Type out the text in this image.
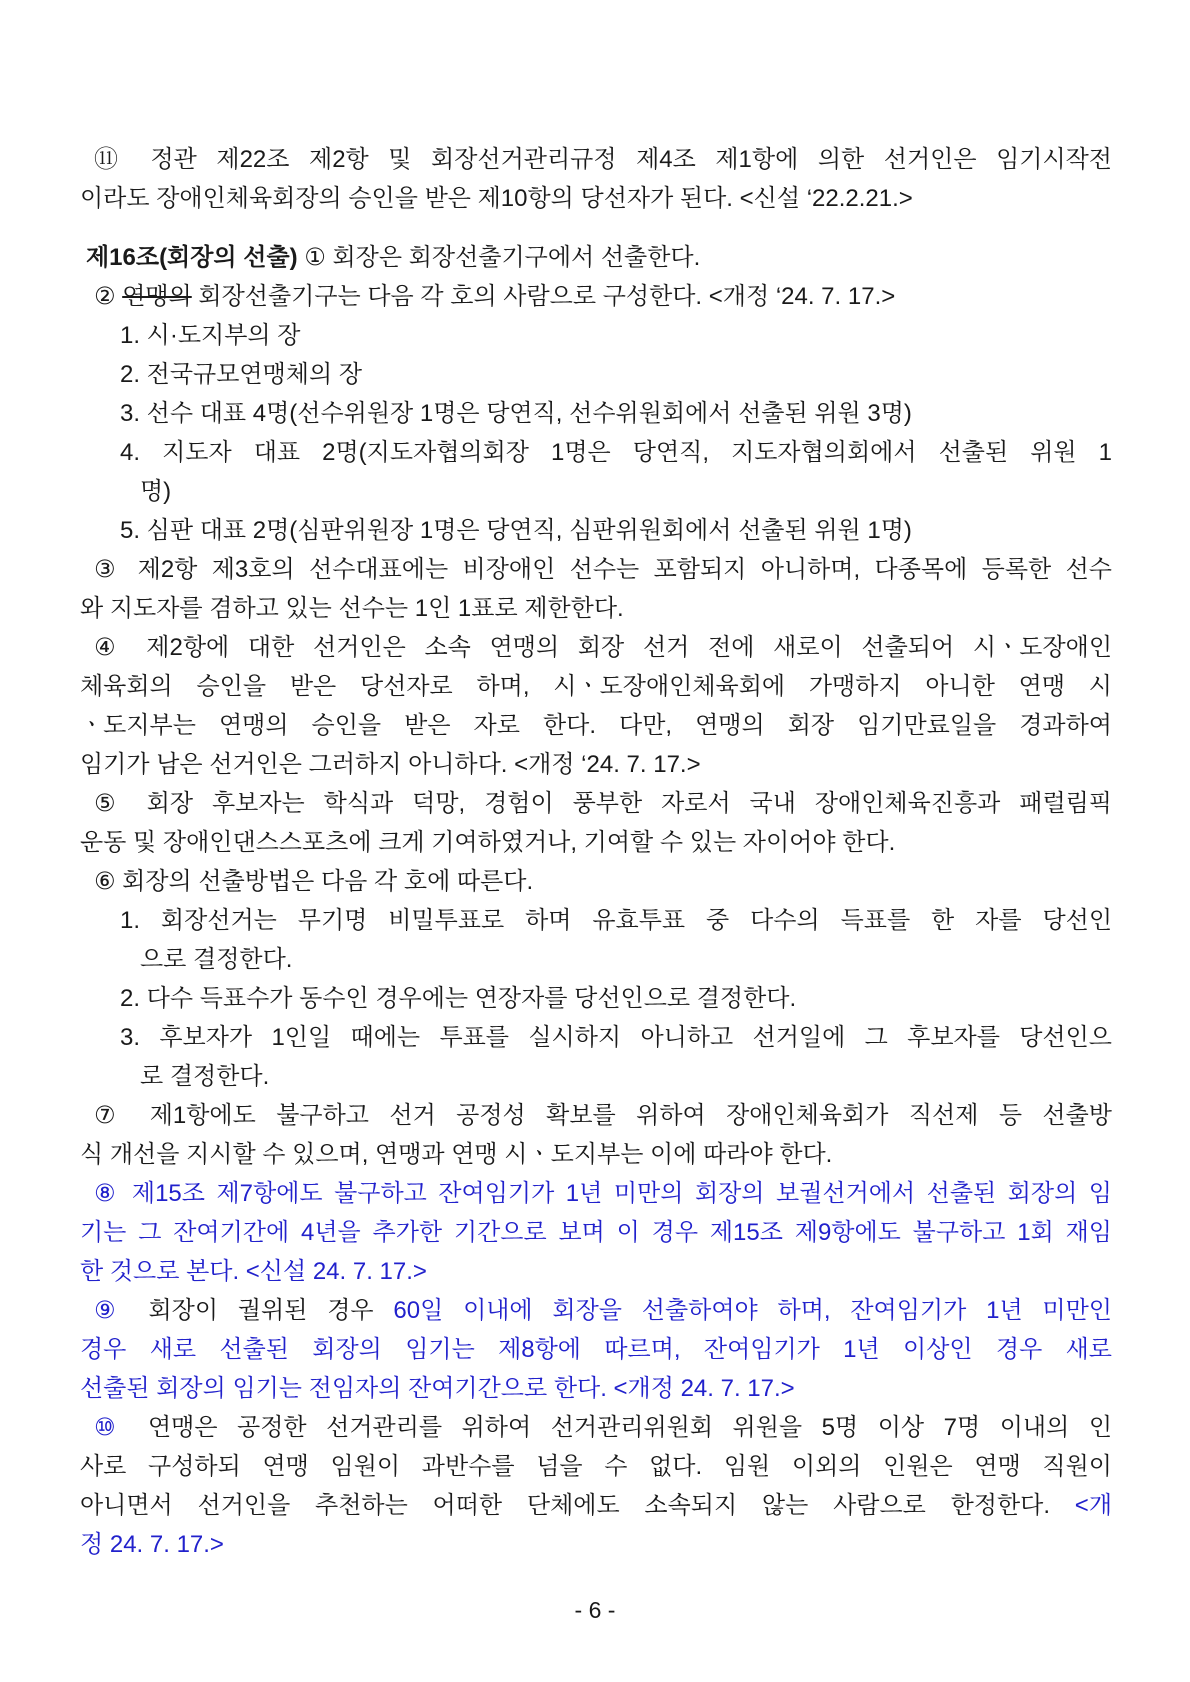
⑪ 정관 제22조 제2항 및 회장선거관리규정 제4조 제1항에 의한 선거인은 임기시작전
이라도 장애인체육회장의 승인을 받은 제10항의 당선자가 된다. <신설 ‘22.2.21.>
제16조(회장의 선출) ① 회장은 회장선출기구에서 선출한다.
② 연맹의 회장선출기구는 다음 각 호의 사람으로 구성한다. <개정 ‘24. 7. 17.>
1. 시·도지부의 장
2. 전국규모연맹체의 장
3. 선수 대표 4명(선수위원장 1명은 당연직, 선수위원회에서 선출된 위원 3명)
4. 지도자 대표 2명(지도자협의회장 1명은 당연직, 지도자협의회에서 선출된 위원 1
명)
5. 심판 대표 2명(심판위원장 1명은 당연직, 심판위원회에서 선출된 위원 1명)
③ 제2항 제3호의 선수대표에는 비장애인 선수는 포함되지 아니하며, 다종목에 등록한 선수
와 지도자를 겸하고 있는 선수는 1인 1표로 제한한다.
④ 제2항에 대한 선거인은 소속 연맹의 회장 선거 전에 새로이 선출되어 시ㆍ도장애인
체육회의 승인을 받은 당선자로 하며, 시ㆍ도장애인체육회에 가맹하지 아니한 연맹 시
ㆍ도지부는 연맹의 승인을 받은 자로 한다. 다만, 연맹의 회장 임기만료일을 경과하여
임기가 남은 선거인은 그러하지 아니하다. <개정 ‘24. 7. 17.>
⑤ 회장 후보자는 학식과 덕망, 경험이 풍부한 자로서 국내 장애인체육진흥과 패럴림픽
운동 및 장애인댄스스포츠에 크게 기여하였거나, 기여할 수 있는 자이어야 한다.
⑥ 회장의 선출방법은 다음 각 호에 따른다.
1. 회장선거는 무기명 비밀투표로 하며 유효투표 중 다수의 득표를 한 자를 당선인
으로 결정한다.
2. 다수 득표수가 동수인 경우에는 연장자를 당선인으로 결정한다.
3. 후보자가 1인일 때에는 투표를 실시하지 아니하고 선거일에 그 후보자를 당선인으
로 결정한다.
⑦ 제1항에도 불구하고 선거 공정성 확보를 위하여 장애인체육회가 직선제 등 선출방
식 개선을 지시할 수 있으며, 연맹과 연맹 시ㆍ도지부는 이에 따라야 한다.
⑧ 제15조 제7항에도 불구하고 잔여임기가 1년 미만의 회장의 보궐선거에서 선출된 회장의 임
기는 그 잔여기간에 4년을 추가한 기간으로 보며 이 경우 제15조 제9항에도 불구하고 1회 재임
한 것으로 본다. <신설 24. 7. 17.>
⑨ 회장이 궐위된 경우 60일 이내에 회장을 선출하여야 하며, 잔여임기가 1년 미만인
경우 새로 선출된 회장의 임기는 제8항에 따르며, 잔여임기가 1년 이상인 경우 새로
선출된 회장의 임기는 전임자의 잔여기간으로 한다. <개정 24. 7. 17.>
⑩ 연맹은 공정한 선거관리를 위하여 선거관리위원회 위원을 5명 이상 7명 이내의 인
사로 구성하되 연맹 임원이 과반수를 넘을 수 없다. 임원 이외의 인원은 연맹 직원이
아니면서 선거인을 추천하는 어떠한 단체에도 소속되지 않는 사람으로 한정한다. <개
정 24. 7. 17.>
- 6 -
